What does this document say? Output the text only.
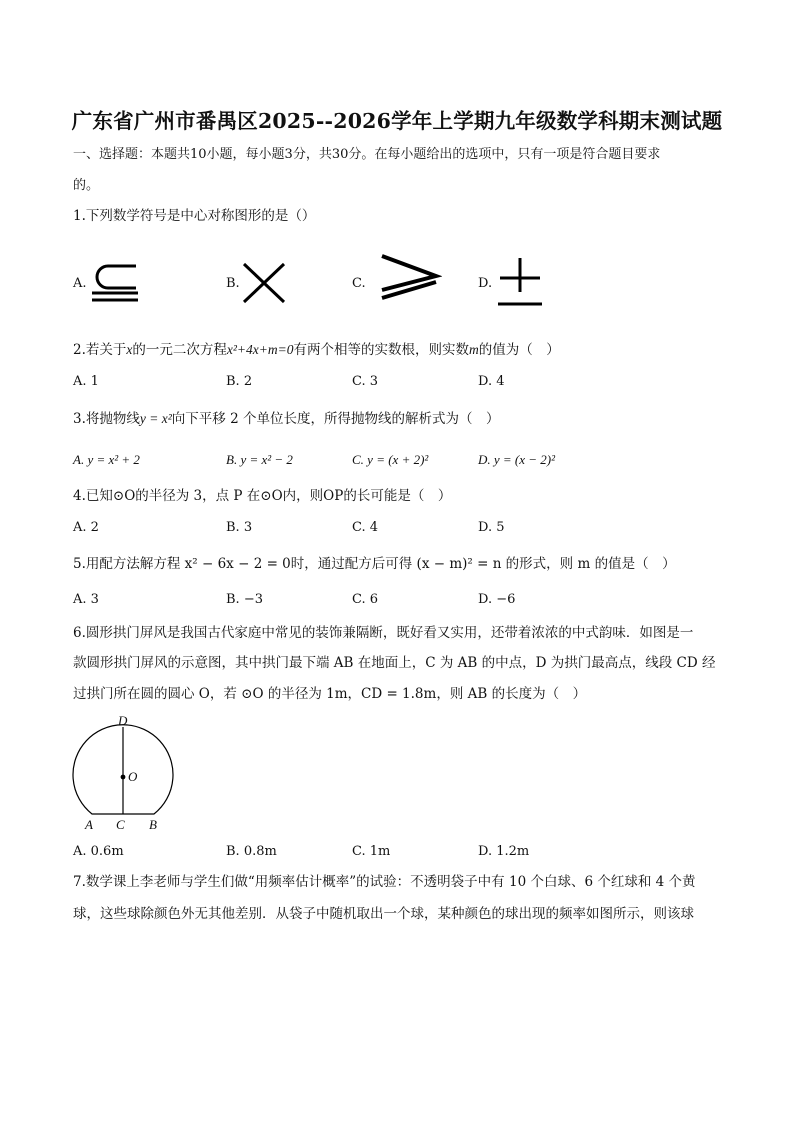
广东省广州市番禺区2025--2026学年上学期九年级数学科期末测试题
一、选择题：本题共10小题，每小题3分，共30分。在每小题给出的选项中，只有一项是符合题目要求
的。
1.下列数学符号是中心对称图形的是（）
A.	B.	C.	D.
2.若关于x的一元二次方程x²+4x+m=0有两个相等的实数根，则实数m的值为（　）
A. 1	B. 2	C. 3	D. 4
3.将抛物线y = x²向下平移 2 个单位长度，所得抛物线的解析式为（　）
A. y = x² + 2	B. y = x² − 2	C. y = (x + 2)²	D. y = (x − 2)²
4.已知⊙O的半径为 3，点 P 在⊙O内，则OP的长可能是（　）
A. 2	B. 3	C. 4	D. 5
5.用配方法解方程 x² − 6x − 2 = 0时，通过配方后可得 (x − m)² = n 的形式，则 m 的值是（　）
A. 3	B. −3	C. 6	D. −6
6.圆形拱门屏风是我国古代家庭中常见的装饰兼隔断，既好看又实用，还带着浓浓的中式韵味．如图是一
款圆形拱门屏风的示意图，其中拱门最下端 AB 在地面上，C 为 AB 的中点，D 为拱门最高点，线段 CD 经
过拱门所在圆的圆心 O，若 ⊙O 的半径为 1m，CD = 1.8m，则 AB 的长度为（　）
D
O
A C B
A. 0.6m	B. 0.8m	C. 1m	D. 1.2m
7.数学课上李老师与学生们做“用频率估计概率”的试验：不透明袋子中有 10 个白球、6 个红球和 4 个黄
球，这些球除颜色外无其他差别．从袋子中随机取出一个球，某种颜色的球出现的频率如图所示，则该球
